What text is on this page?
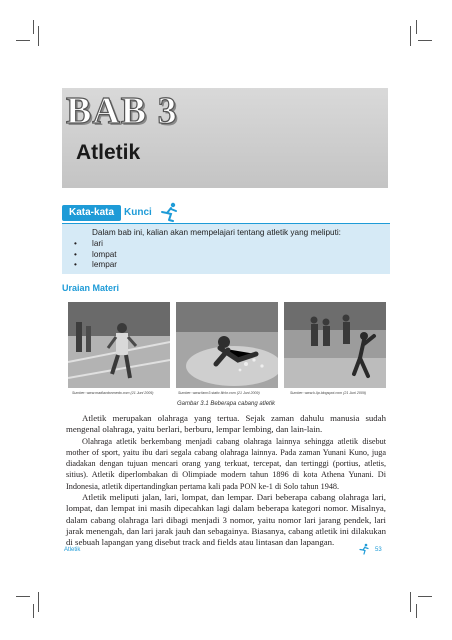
BAB 3
Atletik
Kata-kata Kunci
Dalam bab ini, kalian akan mempelajari tentang atletik yang meliputi:
• lari
• lompat
• lempar
Uraian Materi
Sumber: www.madlavdonmedo.com (21 Juni 2009)	Sumber: www.farm3.static.flickr.com (21 Juni 2009)	Sumber: www.k-lip.blogspot.com (21 Juni 2009)
Gambar 3.1 Beberapa cabang atletik

Atletik merupakan olahraga yang tertua. Sejak zaman dahulu manusia sudah mengenal olahraga, yaitu berlari, berburu, lempar lembing, dan lain-lain.

Olahraga atletik berkembang menjadi cabang olahraga lainnya sehingga atletik disebut mother of sport, yaitu ibu dari segala cabang olahraga lainnya. Pada zaman Yunani Kuno, juga diadakan dengan tujuan mencari orang yang terkuat, tercepat, dan tertinggi (portius, atletis, sitius). Atletik diperlombakan di Olimpiade modern tahun 1896 di kota Athena Yunani. Di Indonesia, atletik dipertandingkan pertama kali pada PON ke-1 di Solo tahun 1948.

Atletik meliputi jalan, lari, lompat, dan lempar. Dari beberapa cabang olahraga lari, lompat, dan lempat ini masih dipecahkan lagi dalam beberapa kategori nomor. Misalnya, dalam cabang olahraga lari dibagi menjadi 3 nomor, yaitu nomor lari jarang pendek, lari jarak menengah, dan lari jarak jauh dan sebagainya. Biasanya, cabang atletik ini dilakukan di sebuah lapangan yang disebut track and fields atau lintasan dan lapangan.

Atletik	53
